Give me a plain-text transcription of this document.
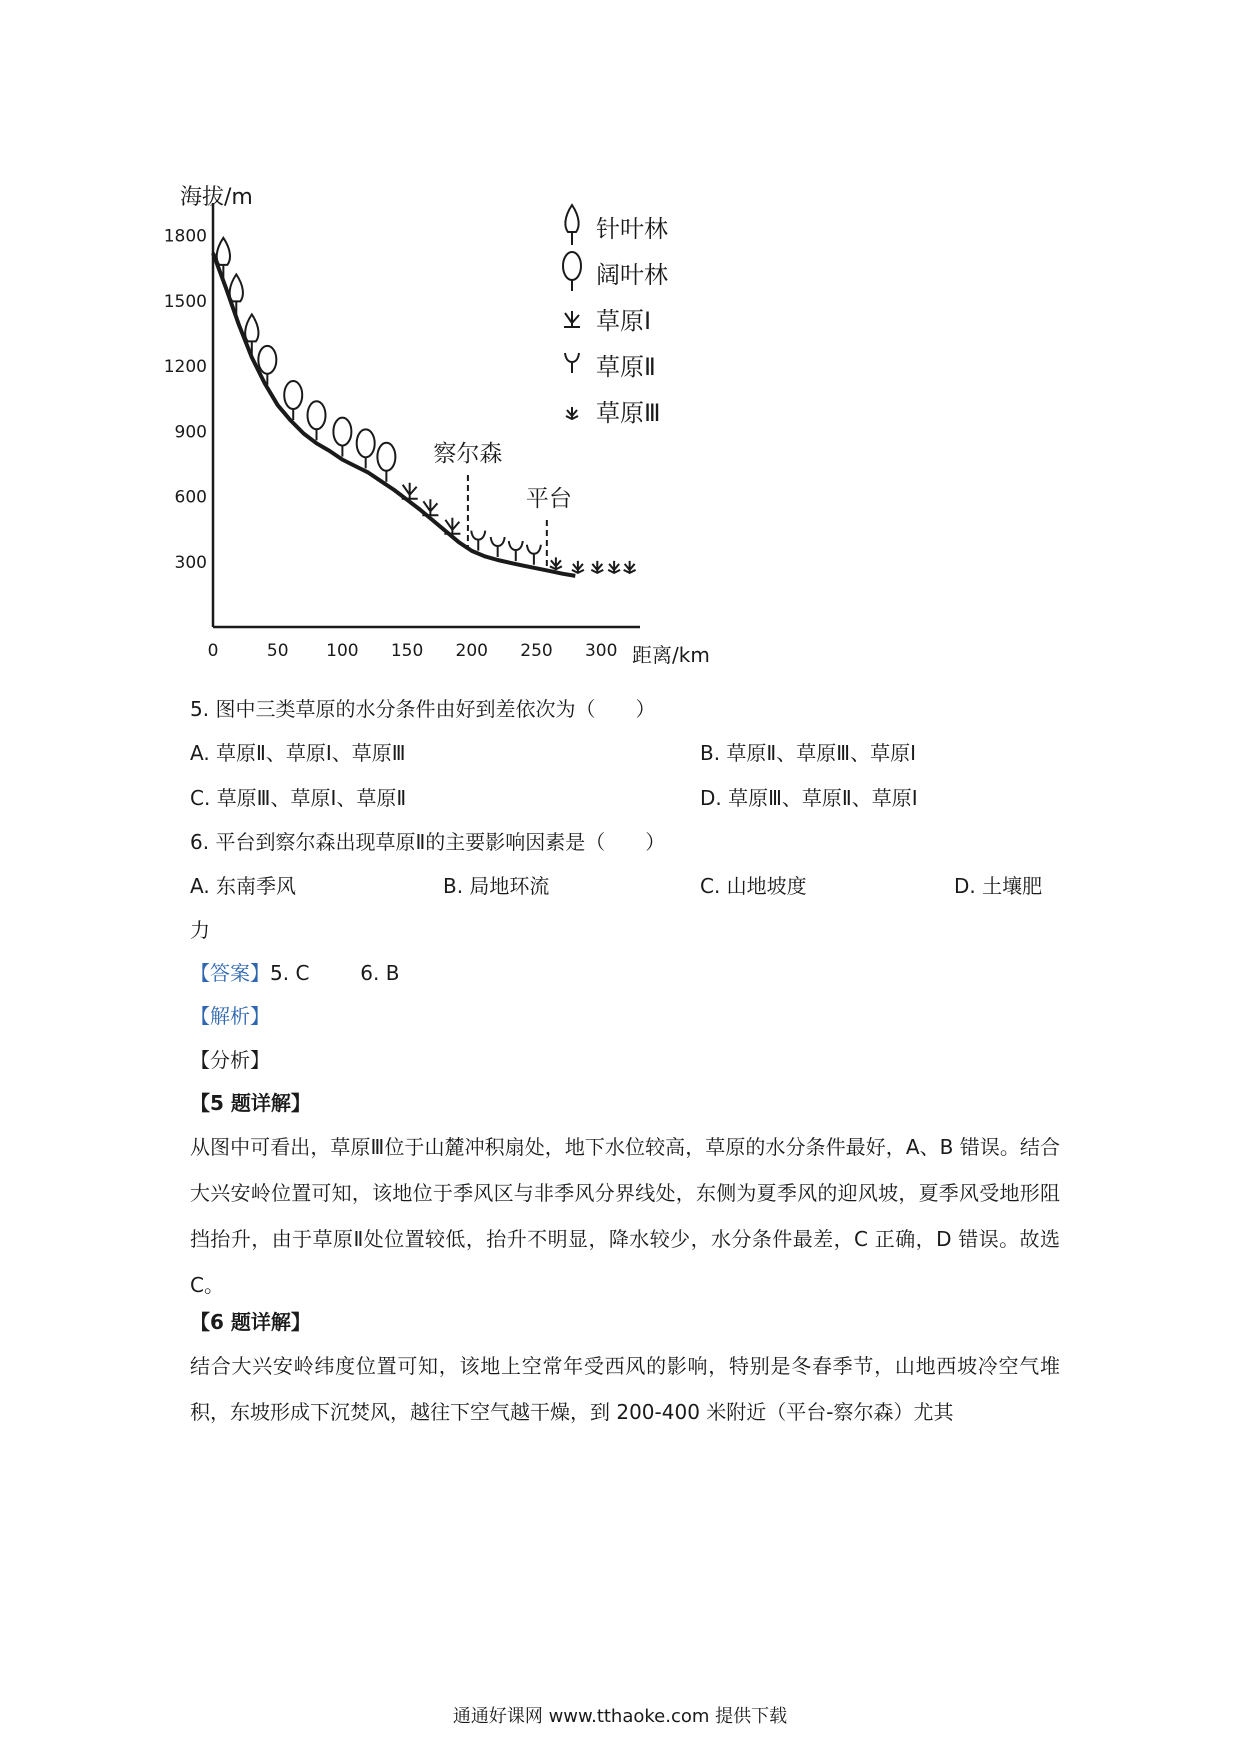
海拔/m
距离/km
300
600
900
1200
1500
1800
0	50 100 150 200 250 300
察尔森
平台
针叶林
阔叶林
草原Ⅰ
草原Ⅱ
草原Ⅲ
5. 图中三类草原的水分条件由好到差依次为（　　）
A. 草原Ⅱ、草原Ⅰ、草原Ⅲ	B. 草原Ⅱ、草原Ⅲ、草原Ⅰ
C. 草原Ⅲ、草原Ⅰ、草原Ⅱ	D. 草原Ⅲ、草原Ⅱ、草原Ⅰ
6. 平台到察尔森出现草原Ⅱ的主要影响因素是（　　）
A. 东南季风	B. 局地环流	C. 山地坡度	D. 土壤肥
力
【答案】5. C        6. B
【解析】
【分析】
【5 题详解】
从图中可看出，草原Ⅲ位于山麓冲积扇处，地下水位较高，草原的水分条件最好，A、B 错误。结合大兴安岭位置可知，该地位于季风区与非季风分界线处，东侧为夏季风的迎风坡，夏季风受地形阻挡抬升，由于草原Ⅱ处位置较低，抬升不明显，降水较少，水分条件最差，C 正确，D 错误。故选 C。
【6 题详解】
结合大兴安岭纬度位置可知，该地上空常年受西风的影响，特别是冬春季节，山地西坡冷空气堆积，东坡形成下沉焚风，越往下空气越干燥，到 200-400 米附近（平台-察尔森）尤其
通通好课网 www.tthaoke.com 提供下载
